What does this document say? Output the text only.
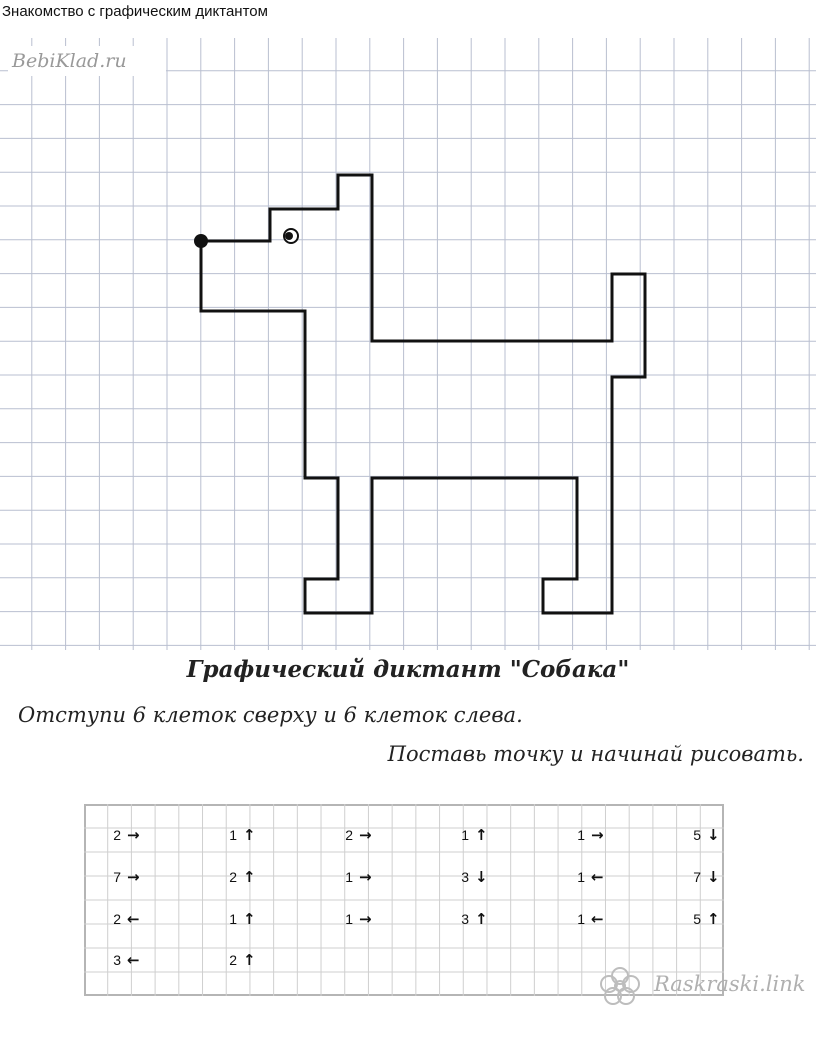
Знакомство с графическим диктантом
BebiKlad.ru
Графический диктант "Собака"
Отступи 6 клеток сверху и 6 клеток слева.
Поставь точку и начинай рисовать.
2 →
7 →
2 ←
3 ←
1 ↑
2 ↑
1 ↑
2 ↑
2 →
1 →
1 →
1 ↑
3 ↓
3 ↑
1 →
1 ←
1 ←
5 ↓
7 ↓
5 ↑
Raskraski.link
